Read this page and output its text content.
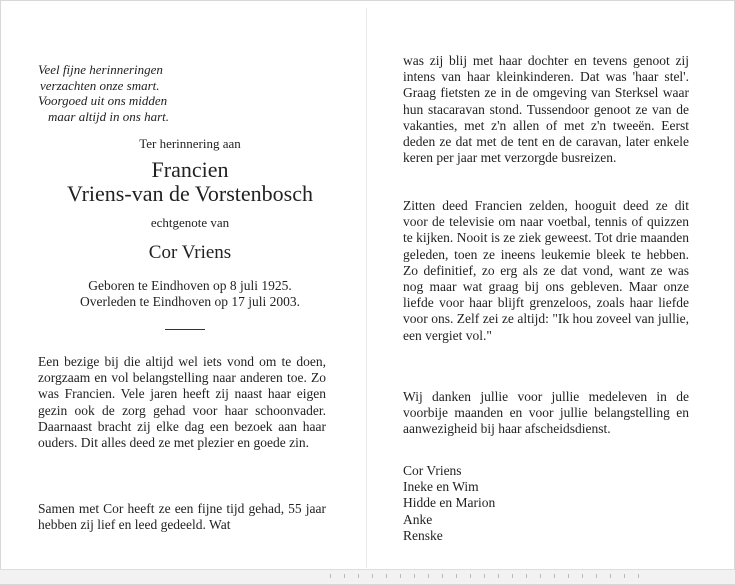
Veel fijne herinneringen
verzachten onze smart.
Voorgoed uit ons midden
maar altijd in ons hart.
Ter herinnering aan
Francien
Vriens-van de Vorstenbosch
echtgenote van
Cor Vriens
Geboren te Eindhoven op 8 juli 1925.
Overleden te Eindhoven op 17 juli 2003.
Een bezige bij die altijd wel iets vond om te doen, zorgzaam en vol belangstelling naar anderen toe. Zo was Francien. Vele jaren heeft zij naast haar eigen gezin ook de zorg gehad voor haar schoonvader. Daarnaast bracht zij elke dag een bezoek aan haar ouders. Dit alles deed ze met plezier en goede zin.
Samen met Cor heeft ze een fijne tijd gehad, 55 jaar hebben zij lief en leed gedeeld. Wat
was zij blij met haar dochter en tevens genoot zij intens van haar kleinkinderen. Dat was 'haar stel'. Graag fietsten ze in de omgeving van Sterksel waar hun stacaravan stond. Tussendoor genoot ze van de vakanties, met z'n allen of met z'n tweeën. Eerst deden ze dat met de tent en de caravan, later enkele keren per jaar met verzorgde busreizen.
Zitten deed Francien zelden, hooguit deed ze dit voor de televisie om naar voetbal, tennis of quizzen te kijken. Nooit is ze ziek geweest. Tot drie maanden geleden, toen ze ineens leukemie bleek te hebben. Zo definitief, zo erg als ze dat vond, want ze was nog maar wat graag bij ons gebleven. Maar onze liefde voor haar blijft grenzeloos, zoals haar liefde voor ons. Zelf zei ze altijd: "Ik hou zoveel van jullie, een vergiet vol."
Wij danken jullie voor jullie medeleven in de voorbije maanden en voor jullie belangstelling en aanwezigheid bij haar afscheidsdienst.
Cor Vriens
Ineke en Wim
Hidde en Marion
Anke
Renske
